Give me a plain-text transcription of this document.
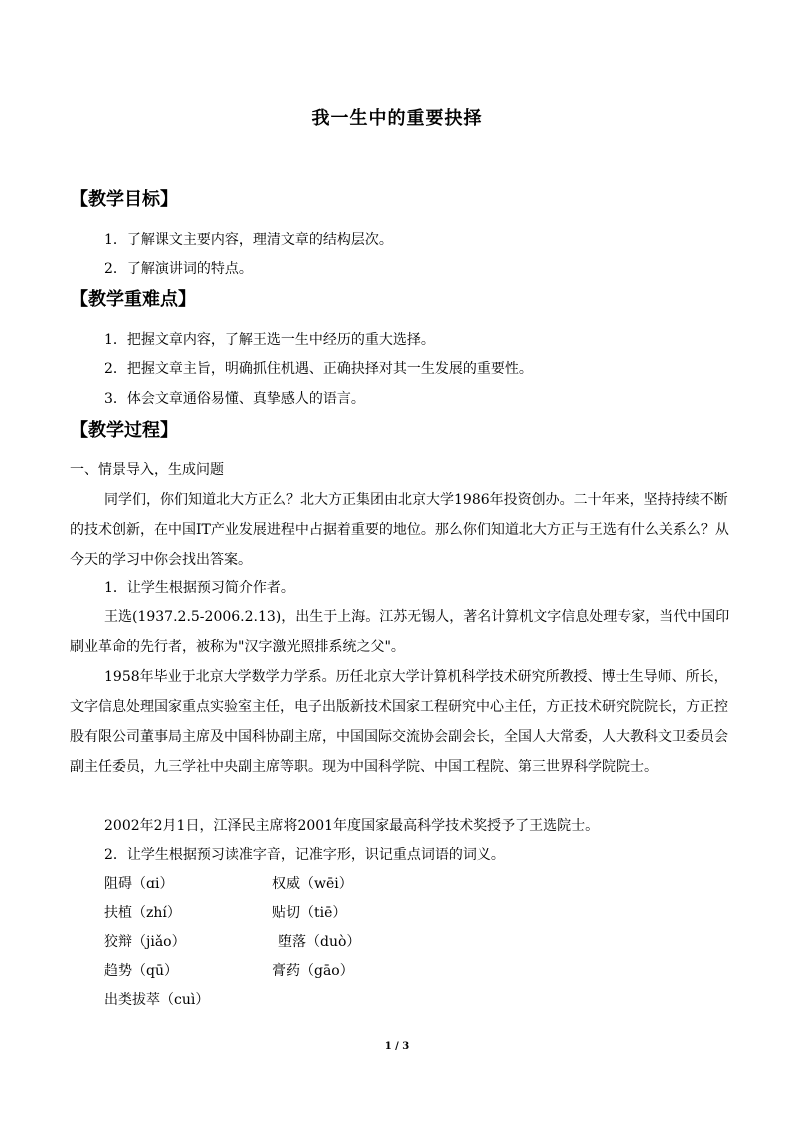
我一生中的重要抉择
【教学目标】
1．了解课文主要内容，理清文章的结构层次。
2．了解演讲词的特点。
【教学重难点】
1．把握文章内容，了解王选一生中经历的重大选择。
2．把握文章主旨，明确抓住机遇、正确抉择对其一生发展的重要性。
3．体会文章通俗易懂、真挚感人的语言。
【教学过程】
一、情景导入，生成问题
同学们，你们知道北大方正么？北大方正集团由北京大学1986年投资创办。二十年来，坚持持续不断的技术创新，在中国IT产业发展进程中占据着重要的地位。那么你们知道北大方正与王选有什么关系么？从今天的学习中你会找出答案。
1．让学生根据预习简介作者。
王选(1937.2.5-2006.2.13)，出生于上海。江苏无锡人，著名计算机文字信息处理专家，当代中国印刷业革命的先行者，被称为"汉字激光照排系统之父"。
1958年毕业于北京大学数学力学系。历任北京大学计算机科学技术研究所教授、博士生导师、所长，文字信息处理国家重点实验室主任，电子出版新技术国家工程研究中心主任，方正技术研究院院长，方正控股有限公司董事局主席及中国科协副主席，中国国际交流协会副会长，全国人大常委，人大教科文卫委员会副主任委员，九三学社中央副主席等职。现为中国科学院、中国工程院、第三世界科学院院士。
2002年2月1日，江泽民主席将2001年度国家最高科学技术奖授予了王选院士。
2．让学生根据预习读准字音，记准字形，识记重点词语的词义。
阻碍（ɑi）	权威（wēi）
扶植（zhí）	贴切（tiē）
狡辩（jiǎo）	堕落（duò）
趋势（qū）	膏药（gāo）
出类拔萃（cuì）
1 / 3
